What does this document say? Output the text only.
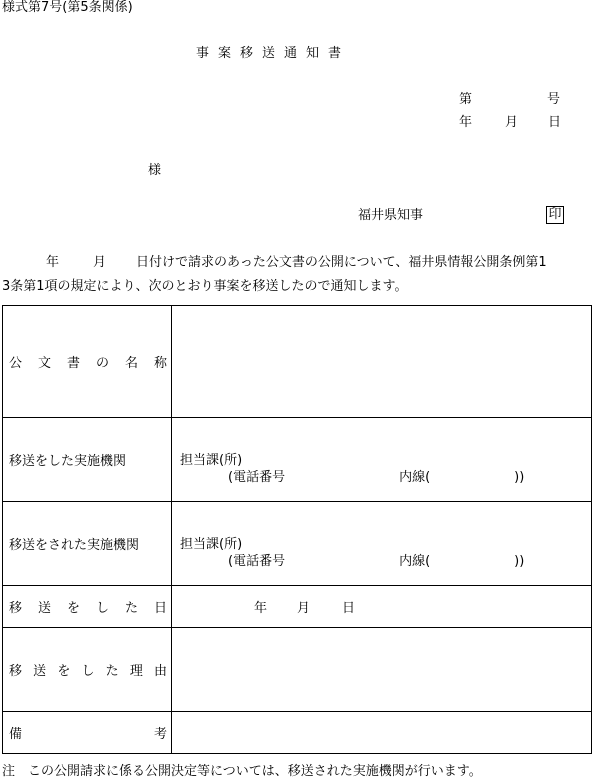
様式第7号(第5条関係)
事案移送通知書
第	号
年	月 日
様
福井県知事	印
年	月 日付けで請求のあった公文書の公開について、福井県情報公開条例第1
3条第1項の規定により、次のとおり事案を移送したので通知します。
公文書の名称	
移送をした実施機関	担当課(所)
(電話番号 内線( ))

移送をされた実施機関	担当課(所)
(電話番号 内線( ))

移送をした日	年 月 日
移送をした理由	
備考	
注　この公開請求に係る公開決定等については、移送された実施機関が行います。
